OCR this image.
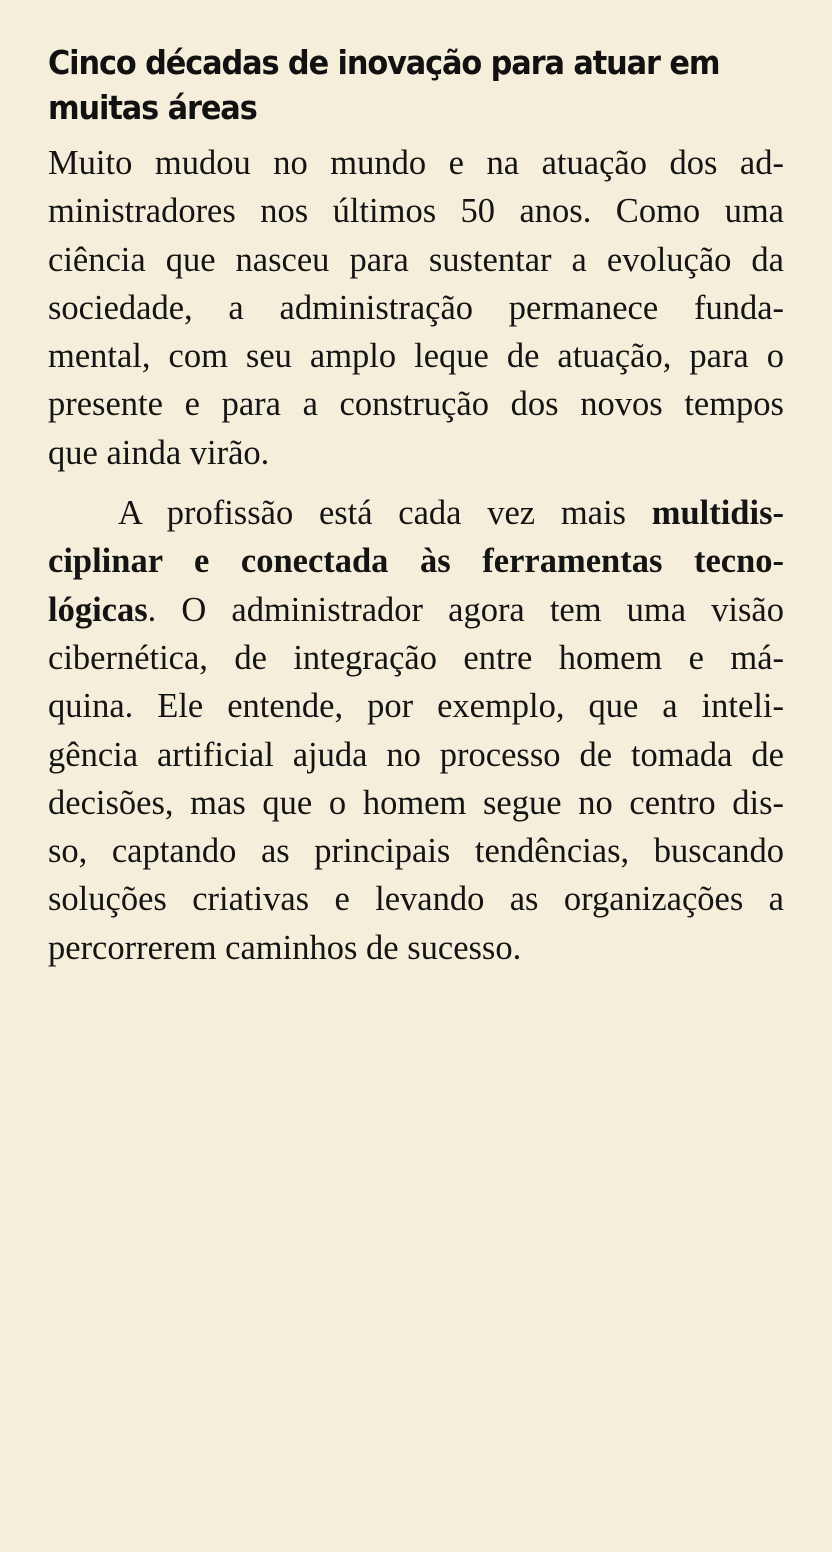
Cinco décadas de inovação para atuar em
muitas áreas

Muito mudou no mundo e na atuação dos ad-
ministradores nos últimos 50 anos. Como uma
ciência que nasceu para sustentar a evolução da
sociedade, a administração permanece funda-
mental, com seu amplo leque de atuação, para o
presente e para a construção dos novos tempos
que ainda virão.

A profissão está cada vez mais multidis-
ciplinar e conectada às ferramentas tecno-
lógicas. O administrador agora tem uma visão
cibernética, de integração entre homem e má-
quina. Ele entende, por exemplo, que a inteli-
gência artificial ajuda no processo de tomada de
decisões, mas que o homem segue no centro dis-
so, captando as principais tendências, buscando
soluções criativas e levando as organizações a
percorrerem caminhos de sucesso.
